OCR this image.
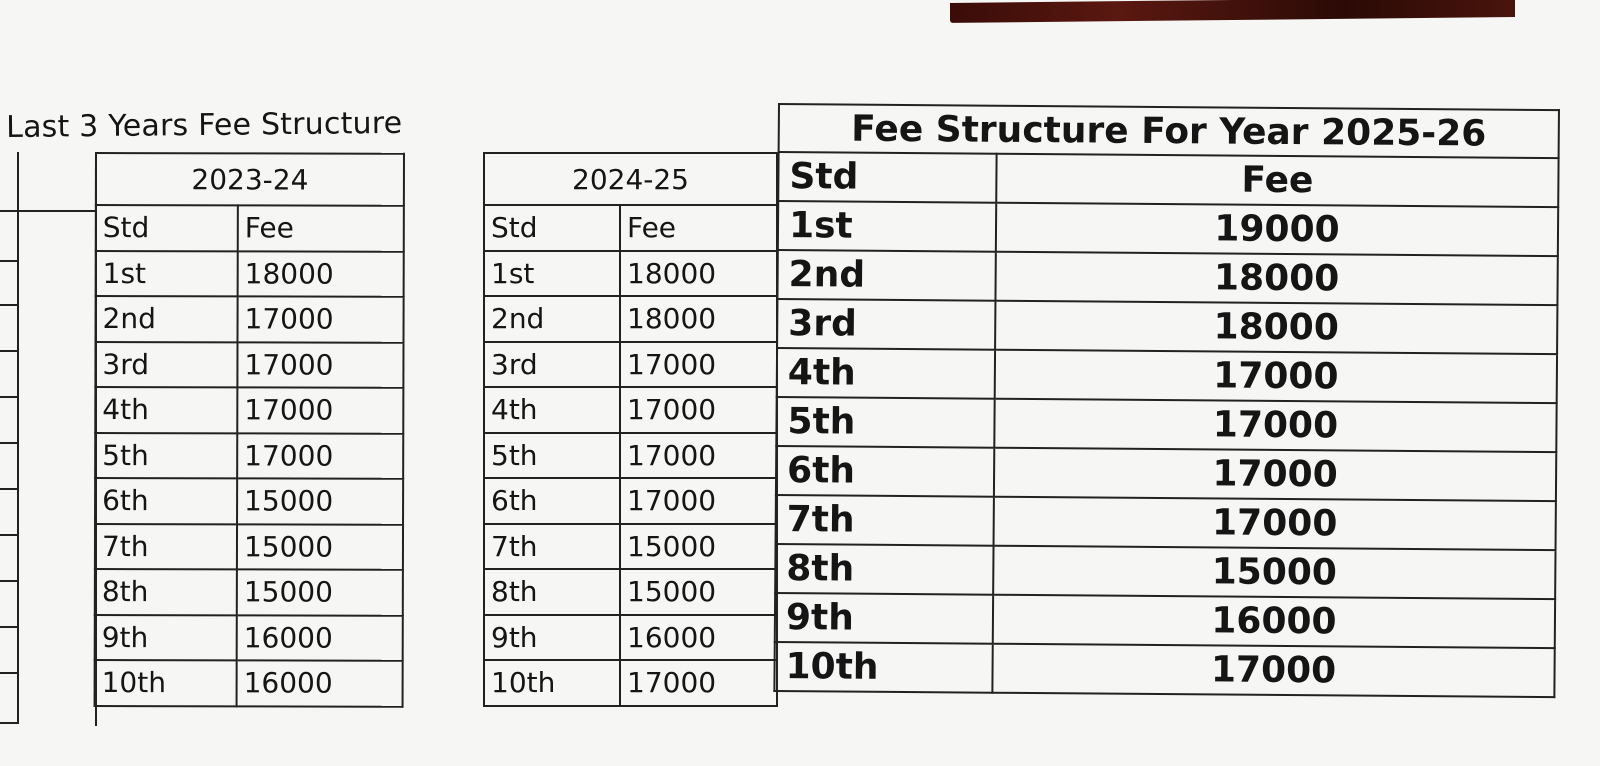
Last 3 Years Fee Structure
2023-24	
Std	Fee
1st	18000
2nd	17000
3rd	17000
4th	17000
5th	17000
6th	15000
7th	15000
8th	15000
9th	16000
10th	16000
2024-25	
Std	Fee
1st	18000
2nd	18000
3rd	17000
4th	17000
5th	17000
6th	17000
7th	15000
8th	15000
9th	16000
10th	17000
Fee Structure For Year 2025-26	
Std	Fee
1st	19000
2nd	18000
3rd	18000
4th	17000
5th	17000
6th	17000
7th	17000
8th	15000
9th	16000
10th	17000
